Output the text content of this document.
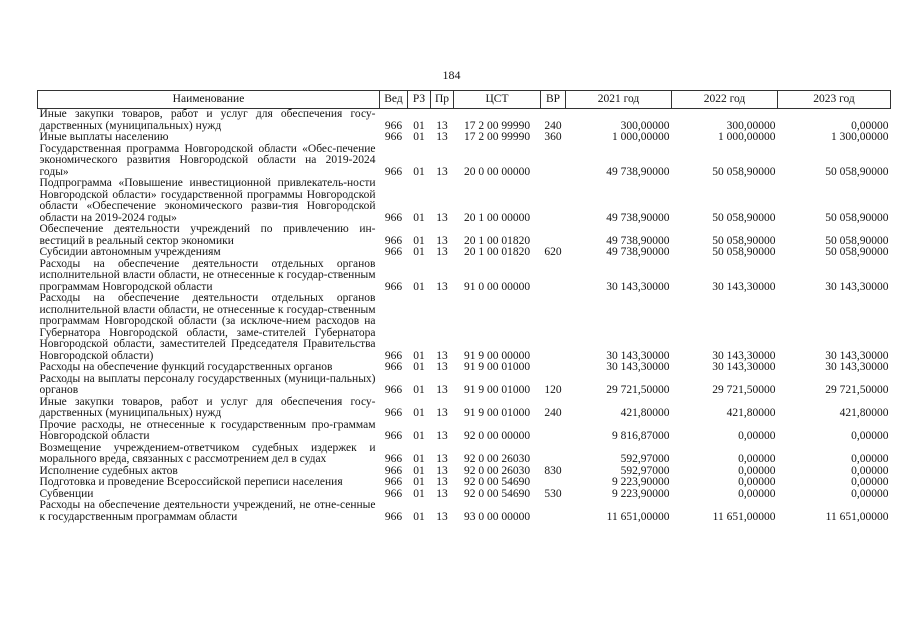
184
Наименование	Вед	РЗ	Пр	ЦСТ	ВР	2021 год	2022 год	2023 год
Иные закупки товаров, работ и услуг для обеспечения госу-дарственных (муниципальных) нужд	966	01	13	17 2 00 99990	240	300,00000	300,00000	0,00000
Иные выплаты населению	966	01	13	17 2 00 99990	360	1 000,00000	1 000,00000	1 300,00000
Государственная программа Новгородской области «Обес-печение экономического развития Новгородской области на 2019-2024 годы»	966	01	13	20 0 00 00000		49 738,90000	50 058,90000	50 058,90000
Подпрограмма «Повышение инвестиционной привлекатель-ности Новгородской области» государственной программы Новгородской области «Обеспечение экономического разви-тия Новгородской области на 2019-2024 годы»	966	01	13	20 1 00 00000		49 738,90000	50 058,90000	50 058,90000
Обеспечение деятельности учреждений по привлечению ин-вестиций в реальный сектор экономики	966	01	13	20 1 00 01820		49 738,90000	50 058,90000	50 058,90000
Субсидии автономным учреждениям	966	01	13	20 1 00 01820	620	49 738,90000	50 058,90000	50 058,90000
Расходы на обеспечение деятельности отдельных органов исполнительной власти области, не отнесенные к государ-ственным программам Новгородской области	966	01	13	91 0 00 00000		30 143,30000	30 143,30000	30 143,30000
Расходы на обеспечение деятельности отдельных органов исполнительной власти области, не отнесенные к государ-ственным программам Новгородской области (за исключе-нием расходов на Губернатора Новгородской области, заме-стителей Губернатора Новгородской области, заместителей Председателя Правительства Новгородской области)	966	01	13	91 9 00 00000		30 143,30000	30 143,30000	30 143,30000
Расходы на обеспечение функций государственных органов	966	01	13	91 9 00 01000		30 143,30000	30 143,30000	30 143,30000
Расходы на выплаты персоналу государственных (муници-пальных) органов	966	01	13	91 9 00 01000	120	29 721,50000	29 721,50000	29 721,50000
Иные закупки товаров, работ и услуг для обеспечения госу-дарственных (муниципальных) нужд	966	01	13	91 9 00 01000	240	421,80000	421,80000	421,80000
Прочие расходы, не отнесенные к государственным про-граммам Новгородской области	966	01	13	92 0 00 00000		9 816,87000	0,00000	0,00000
Возмещение учреждением-ответчиком судебных издержек и морального вреда, связанных с рассмотрением дел в судах	966	01	13	92 0 00 26030		592,97000	0,00000	0,00000
Исполнение судебных актов	966	01	13	92 0 00 26030	830	592,97000	0,00000	0,00000
Подготовка и проведение Всероссийской переписи населения	966	01	13	92 0 00 54690		9 223,90000	0,00000	0,00000
Субвенции	966	01	13	92 0 00 54690	530	9 223,90000	0,00000	0,00000
Расходы на обеспечение деятельности учреждений, не отне-сенные к государственным программам области	966	01	13	93 0 00 00000		11 651,00000	11 651,00000	11 651,00000
